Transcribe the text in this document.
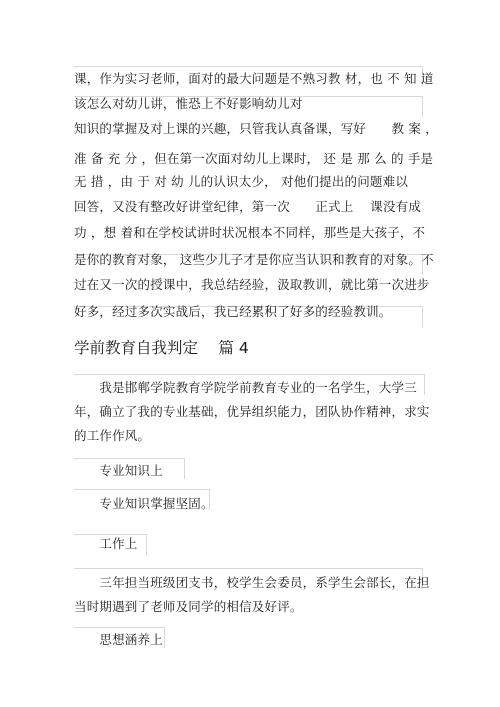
课，作为实习老师，面对的最大问题是不熟习教 材，也 不 知 道
该怎么对幼儿讲，惟恐上不好影响幼儿对
知识的掌握及对上课的兴趣，只管我认真备课，写好　　教 案 ，
准 备 充 分 ，但在第一次面对幼儿上课时， 还 是 那 么 的 手是
无 措 ，由 于 对 幼 儿的认识太少， 对他们提出的问题难以
回答，又没有整改好讲堂纪律，第一次　　正式上　 课没有成
功 ，想 着和在学校试讲时状况根本不同样，那些是大孩子，不
是你的教育对象， 这些少儿子才是你应当认识和教育的对象。不
过在又一次的授课中，我总结经验，汲取教训，就比第一次进步
好多，经过多次实战后，我已经累积了好多的经验教训。
学前教育自我判定　 篇 4
　　我是邯郸学院教育学院学前教育专业的一名学生，大学三
年，确立了我的专业基础，优异组织能力，团队协作精神，求实
的工作作风。
　　专业知识上
　　专业知识掌握坚固。
　　工作上
　　三年担当班级团支书，校学生会委员，系学生会部长，在担
当时期遇到了老师及同学的相信及好评。
　　思想涵养上
